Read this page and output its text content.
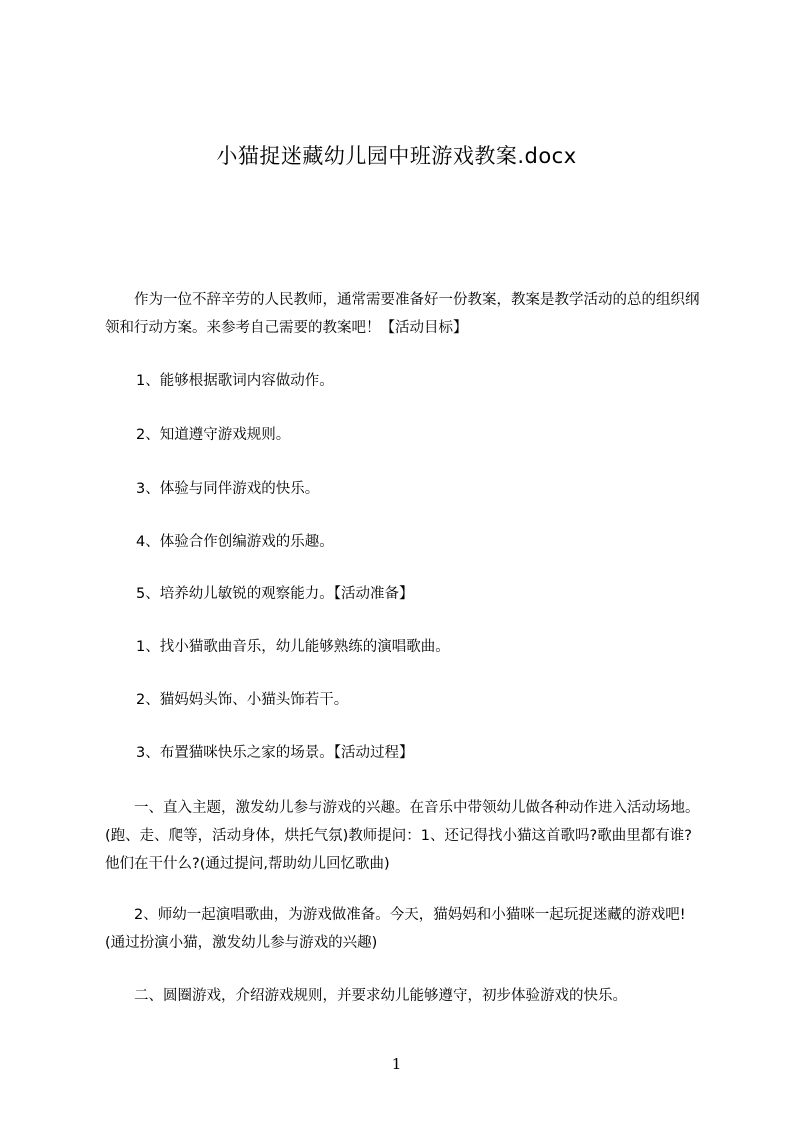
小猫捉迷藏幼儿园中班游戏教案.docx

作为一位不辞辛劳的人民教师，通常需要准备好一份教案，教案是教学活动的总的组织纲领和行动方案。来参考自己需要的教案吧！【活动目标】

1、能够根据歌词内容做动作。
2、知道遵守游戏规则。
3、体验与同伴游戏的快乐。
4、体验合作创编游戏的乐趣。
5、培养幼儿敏锐的观察能力。【活动准备】
1、找小猫歌曲音乐，幼儿能够熟练的演唱歌曲。
2、猫妈妈头饰、小猫头饰若干。
3、布置猫咪快乐之家的场景。【活动过程】

一、直入主题，激发幼儿参与游戏的兴趣。在音乐中带领幼儿做各种动作进入活动场地。(跑、走、爬等，活动身体，烘托气氛)教师提问：1、还记得找小猫这首歌吗?歌曲里都有谁?他们在干什么?(通过提问,帮助幼儿回忆歌曲)

2、师幼一起演唱歌曲，为游戏做准备。今天，猫妈妈和小猫咪一起玩捉迷藏的游戏吧!(通过扮演小猫，激发幼儿参与游戏的兴趣)

二、圆圈游戏，介绍游戏规则，并要求幼儿能够遵守，初步体验游戏的快乐。

1
